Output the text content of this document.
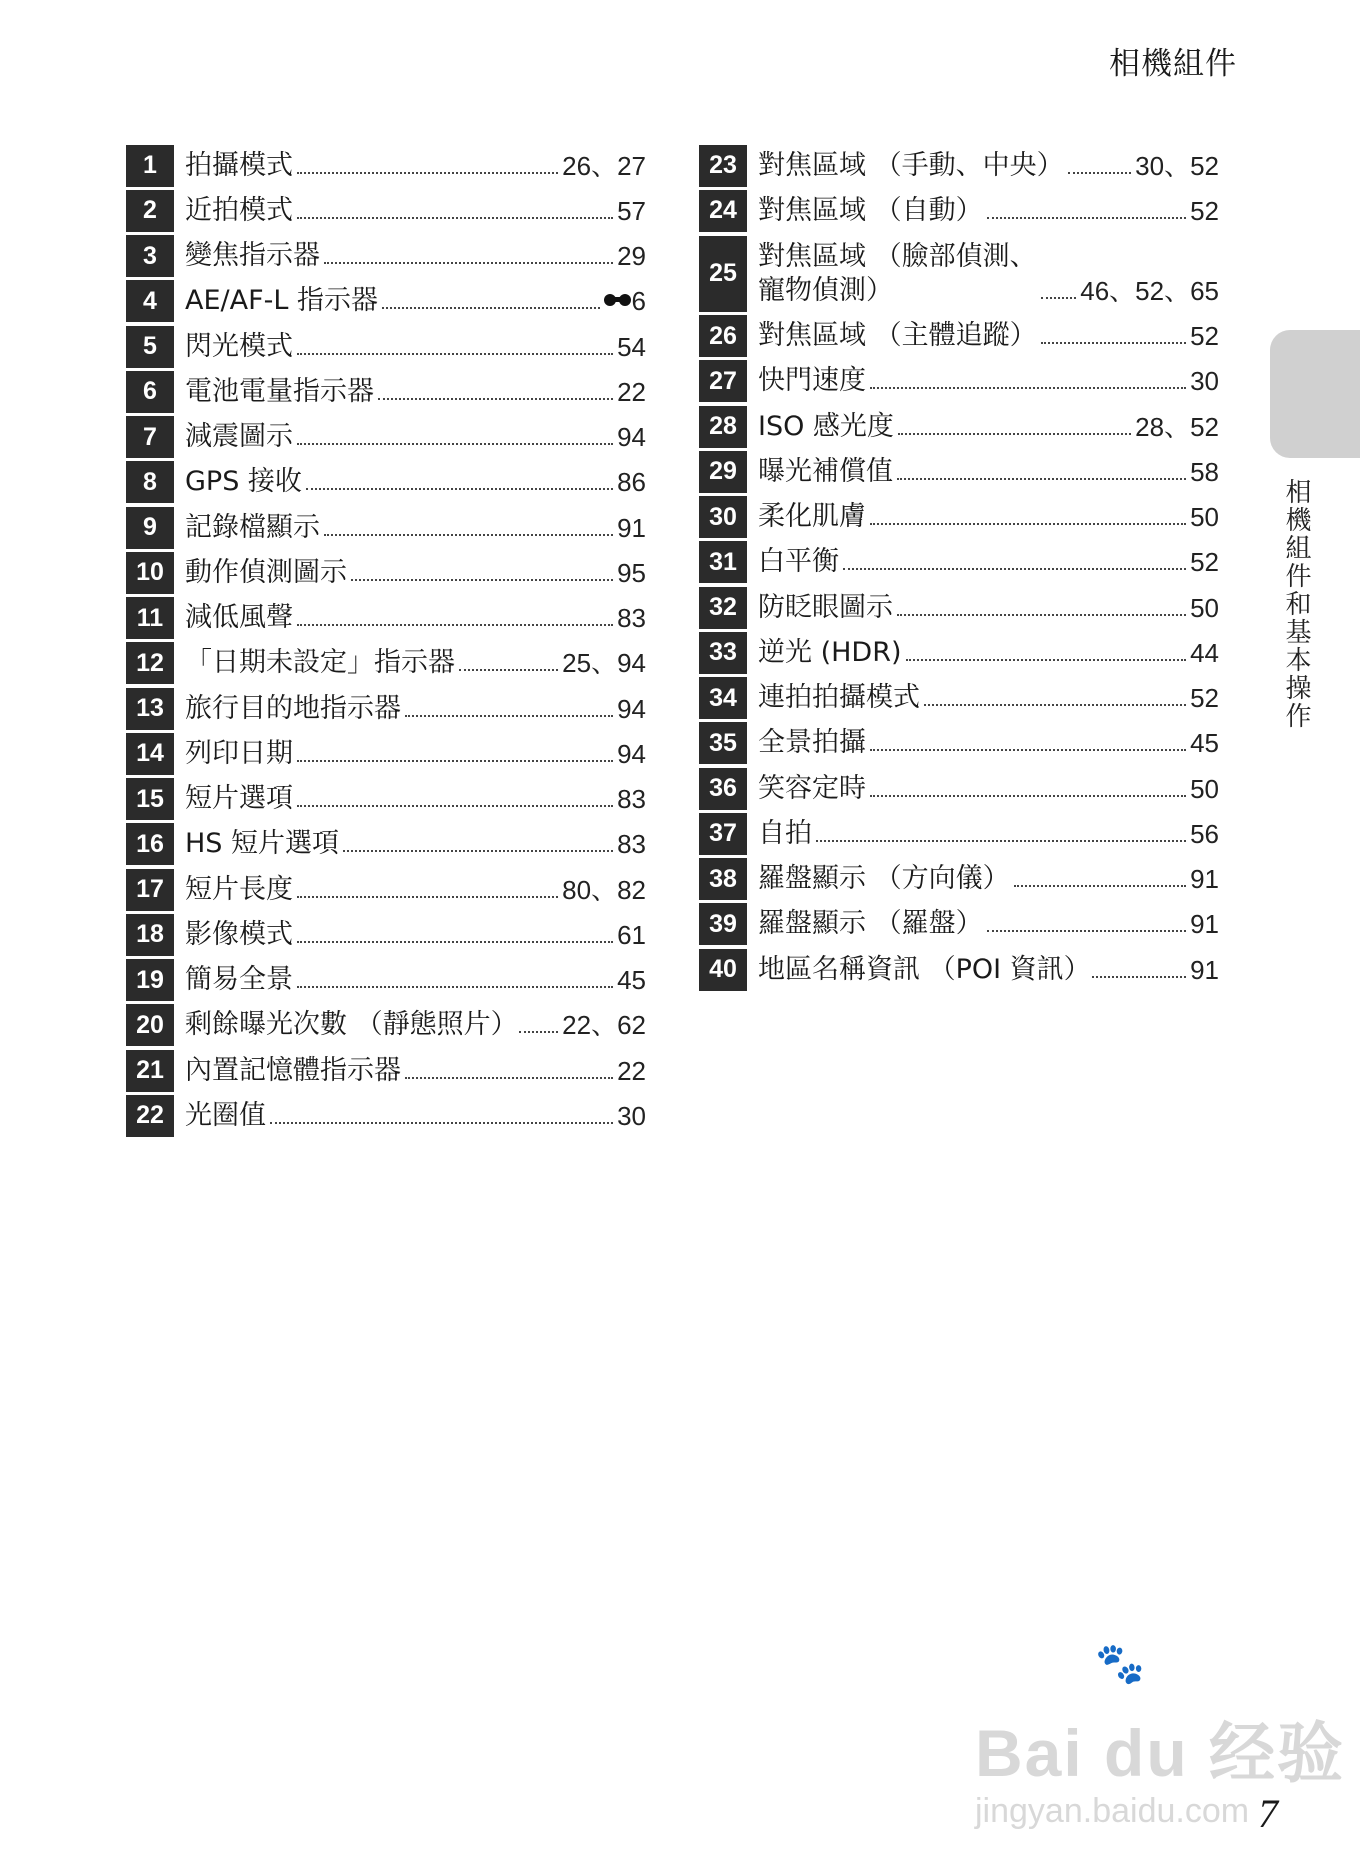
相機組件
相機組件和基本操作
1	拍攝模式	26、27
2	近拍模式	57
3	變焦指示器	29
4	AE/AF-L 指示器	6
5	閃光模式	54
6	電池電量指示器	22
7	減震圖示	94
8	GPS 接收	86
9	記錄檔顯示	91
10 動作偵測圖示	95
11 減低風聲	83
12 「日期未設定」指示器	25、94
13 旅行目的地指示器	94
14 列印日期	94
15 短片選項	83
16 HS 短片選項	83
17 短片長度	80、82
18 影像模式	61
19 簡易全景	45
20 剩餘曝光次數 （靜態照片） 22、62
21 內置記憶體指示器	22
22 光圈值	30
23 對焦區域 （手動、中央）	30、52
24 對焦區域 （自動）	52
25
對焦區域 （臉部偵測、
寵物偵測）	46、52、65
26 對焦區域 （主體追蹤）	52
27 快門速度	30
28 ISO 感光度	28、52
29 曝光補償值	58
30 柔化肌膚	50
31 白平衡	52
32 防眨眼圖示	50
33 逆光 (HDR)	44
34 連拍拍攝模式	52
35 全景拍攝	45
36 笑容定時	50
37 自拍	56
38 羅盤顯示 （方向儀）	91
39 羅盤顯示 （羅盤）	91
40 地區名稱資訊 （POI 資訊）	91
7
🐾
Bai du 经验
jingyan.baidu.com
